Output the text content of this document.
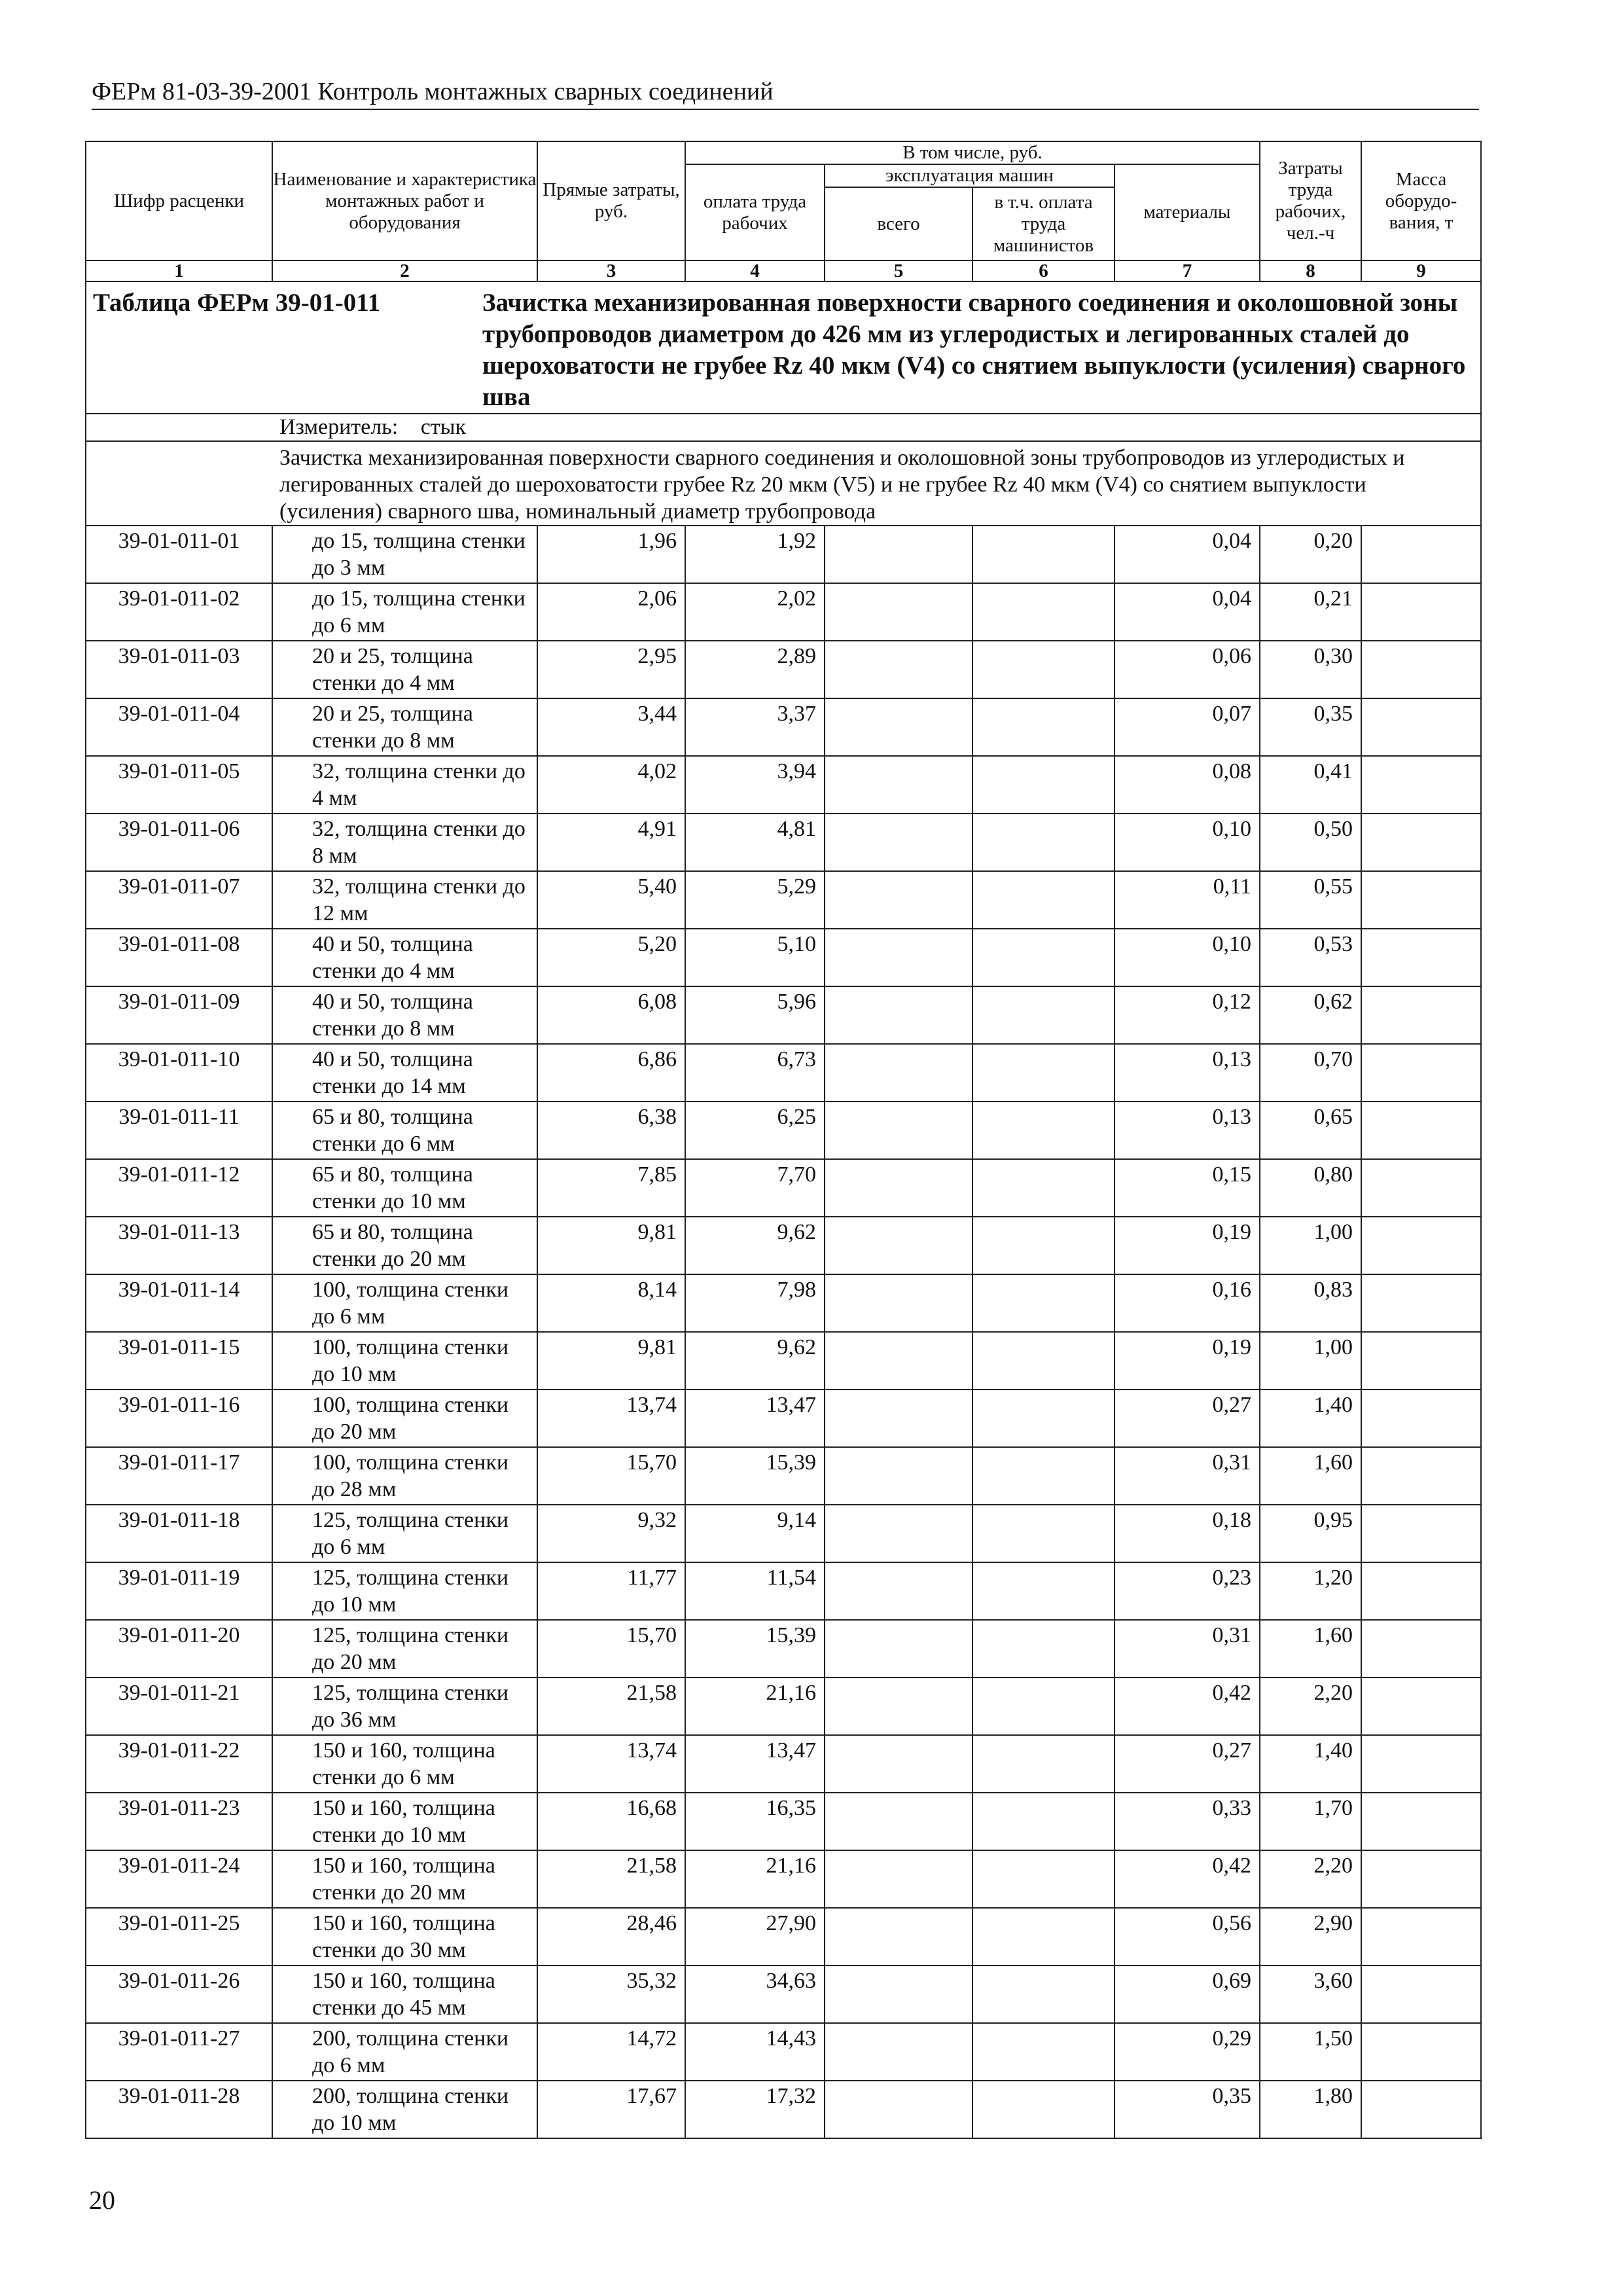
ФЕРм 81-03-39-2001 Контроль монтажных сварных соединений
Шифр расценки	Наименование и характеристика монтажных работ и оборудования	Прямые затраты, руб.	В том числе, руб.				Затраты труда рабочих, чел.-ч	Масса оборудо-вания, т
			оплата труда рабочих	эксплуатация машин		материалы		
				всего	в т.ч. оплата труда машинистов			
1	2	3	4	5	6	7	8	9

Таблица ФЕРм 39-01-011 Зачистка механизированная поверхности сварного соединения и околошовной зоны трубопроводов диаметром до 426 мм из углеродистых и легированных сталей до шероховатости не грубее Rz 40 мкм (V4) со снятием выпуклости (усиления) сварного шва								

Измеритель: стык								

Зачистка механизированная поверхности сварного соединения и околошовной зоны трубопроводов из углеродистых и легированных сталей до шероховатости грубее Rz 20 мкм (V5) и не грубее Rz 40 мкм (V4) со снятием выпуклости (усиления) сварного шва, номинальный диаметр трубопровода								
39-01-011-01	до 15, толщина стенки до 3 мм	1,96	1,92			0,04	0,20	
39-01-011-02	до 15, толщина стенки до 6 мм	2,06	2,02			0,04	0,21	
39-01-011-03	20 и 25, толщина стенки до 4 мм	2,95	2,89			0,06	0,30	
39-01-011-04	20 и 25, толщина стенки до 8 мм	3,44	3,37			0,07	0,35	
39-01-011-05	32, толщина стенки до 4 мм	4,02	3,94			0,08	0,41	
39-01-011-06	32, толщина стенки до 8 мм	4,91	4,81			0,10	0,50	
39-01-011-07	32, толщина стенки до 12 мм	5,40	5,29			0,11	0,55	
39-01-011-08	40 и 50, толщина стенки до 4 мм	5,20	5,10			0,10	0,53	
39-01-011-09	40 и 50, толщина стенки до 8 мм	6,08	5,96			0,12	0,62	
39-01-011-10	40 и 50, толщина стенки до 14 мм	6,86	6,73			0,13	0,70	
39-01-011-11	65 и 80, толщина стенки до 6 мм	6,38	6,25			0,13	0,65	
39-01-011-12	65 и 80, толщина стенки до 10 мм	7,85	7,70			0,15	0,80	
39-01-011-13	65 и 80, толщина стенки до 20 мм	9,81	9,62			0,19	1,00	
39-01-011-14	100, толщина стенки до 6 мм	8,14	7,98			0,16	0,83	
39-01-011-15	100, толщина стенки до 10 мм	9,81	9,62			0,19	1,00	
39-01-011-16	100, толщина стенки до 20 мм	13,74	13,47			0,27	1,40	
39-01-011-17	100, толщина стенки до 28 мм	15,70	15,39			0,31	1,60	
39-01-011-18	125, толщина стенки до 6 мм	9,32	9,14			0,18	0,95	
39-01-011-19	125, толщина стенки до 10 мм	11,77	11,54			0,23	1,20	
39-01-011-20	125, толщина стенки до 20 мм	15,70	15,39			0,31	1,60	
39-01-011-21	125, толщина стенки до 36 мм	21,58	21,16			0,42	2,20	
39-01-011-22	150 и 160, толщина стенки до 6 мм	13,74	13,47			0,27	1,40	
39-01-011-23	150 и 160, толщина стенки до 10 мм	16,68	16,35			0,33	1,70	
39-01-011-24	150 и 160, толщина стенки до 20 мм	21,58	21,16			0,42	2,20	
39-01-011-25	150 и 160, толщина стенки до 30 мм	28,46	27,90			0,56	2,90	
39-01-011-26	150 и 160, толщина стенки до 45 мм	35,32	34,63			0,69	3,60	
39-01-011-27	200, толщина стенки до 6 мм	14,72	14,43			0,29	1,50	
39-01-011-28	200, толщина стенки до 10 мм	17,67	17,32			0,35	1,80	
20
